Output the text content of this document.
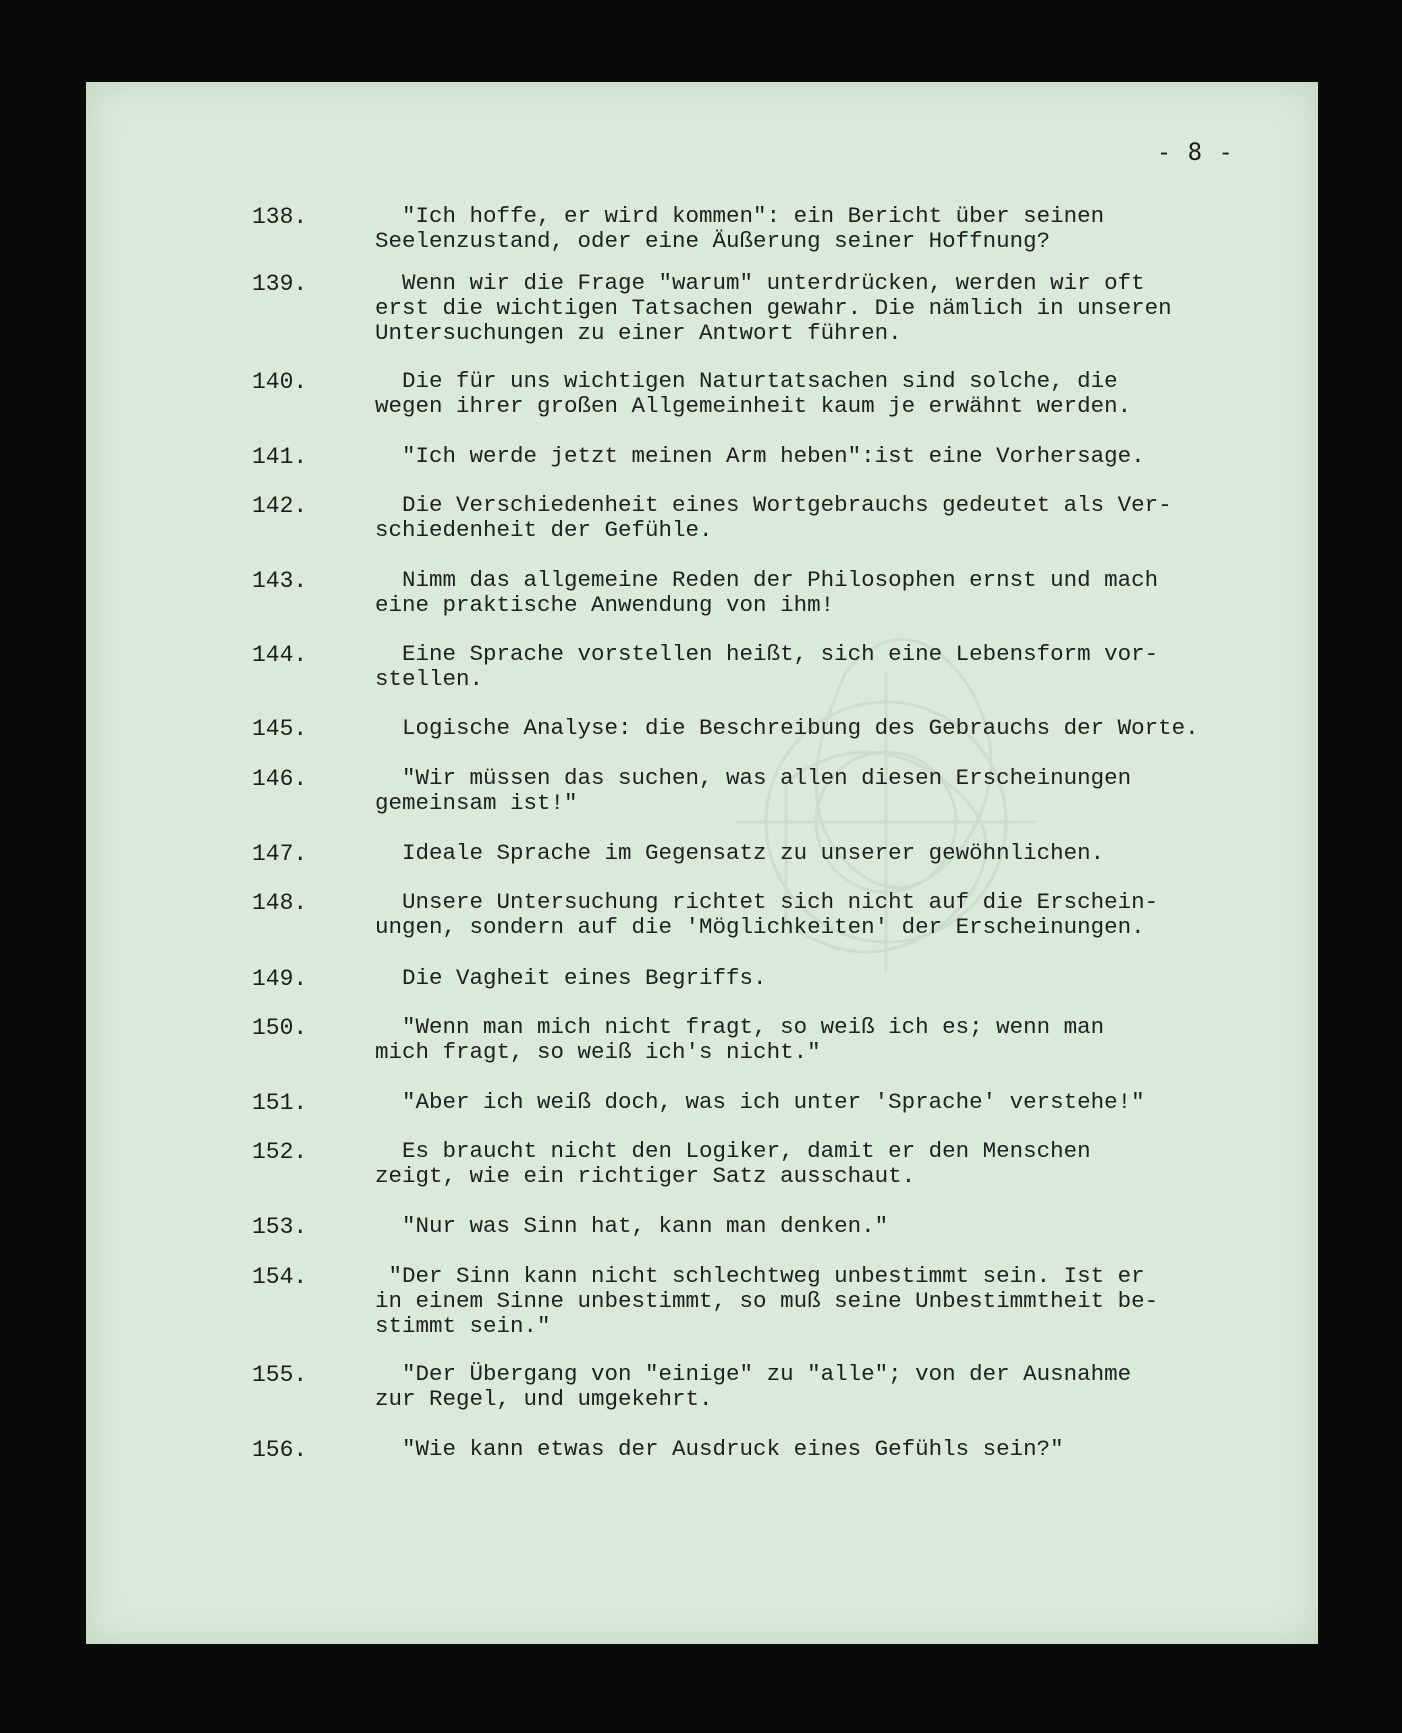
- 8 -

138.	"Ich hoffe, er wird kommen": ein Bericht über seinen
Seelenzustand, oder eine Äußerung seiner Hoffnung?
139.	Wenn wir die Frage "warum" unterdrücken, werden wir oft
erst die wichtigen Tatsachen gewahr. Die nämlich in unseren
Untersuchungen zu einer Antwort führen.
140.	Die für uns wichtigen Naturtatsachen sind solche, die
wegen ihrer großen Allgemeinheit kaum je erwähnt werden.
141.	"Ich werde jetzt meinen Arm heben":ist eine Vorhersage.
142.	Die Verschiedenheit eines Wortgebrauchs gedeutet als Ver-
schiedenheit der Gefühle.
143.	Nimm das allgemeine Reden der Philosophen ernst und mach
eine praktische Anwendung von ihm!
144.	Eine Sprache vorstellen heißt, sich eine Lebensform vor-
stellen.
145.	Logische Analyse: die Beschreibung des Gebrauchs der Worte.
146.	"Wir müssen das suchen, was allen diesen Erscheinungen
gemeinsam ist!"
147.	Ideale Sprache im Gegensatz zu unserer gewöhnlichen.
148.	Unsere Untersuchung richtet sich nicht auf die Erschein-
ungen, sondern auf die 'Möglichkeiten' der Erscheinungen.
149.	Die Vagheit eines Begriffs.
150.	"Wenn man mich nicht fragt, so weiß ich es; wenn man
mich fragt, so weiß ich's nicht."
151.	"Aber ich weiß doch, was ich unter 'Sprache' verstehe!"
152.	Es braucht nicht den Logiker, damit er den Menschen
zeigt, wie ein richtiger Satz ausschaut.
153.	"Nur was Sinn hat, kann man denken."
154.	"Der Sinn kann nicht schlechtweg unbestimmt sein. Ist er
in einem Sinne unbestimmt, so muß seine Unbestimmtheit be-
stimmt sein."
155.	"Der Übergang von "einige" zu "alle"; von der Ausnahme
zur Regel, und umgekehrt.
156.	"Wie kann etwas der Ausdruck eines Gefühls sein?"
